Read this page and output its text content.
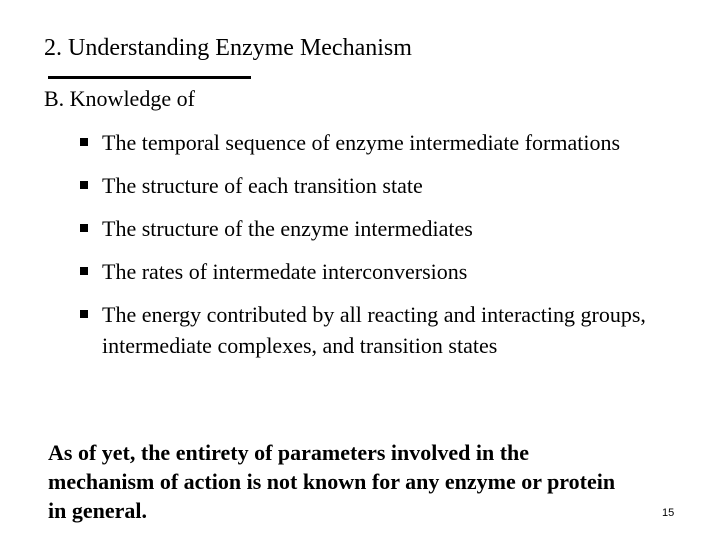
2. Understanding Enzyme Mechanism
B. Knowledge of
The temporal sequence of enzyme intermediate formations
The structure of each transition state
The structure of the enzyme intermediates
The rates of intermedate interconversions
The energy contributed by all reacting and interacting groups, intermediate complexes, and transition states
As of yet, the entirety of parameters involved in the
mechanism of action is not known for any enzyme or protein
in general.	15
